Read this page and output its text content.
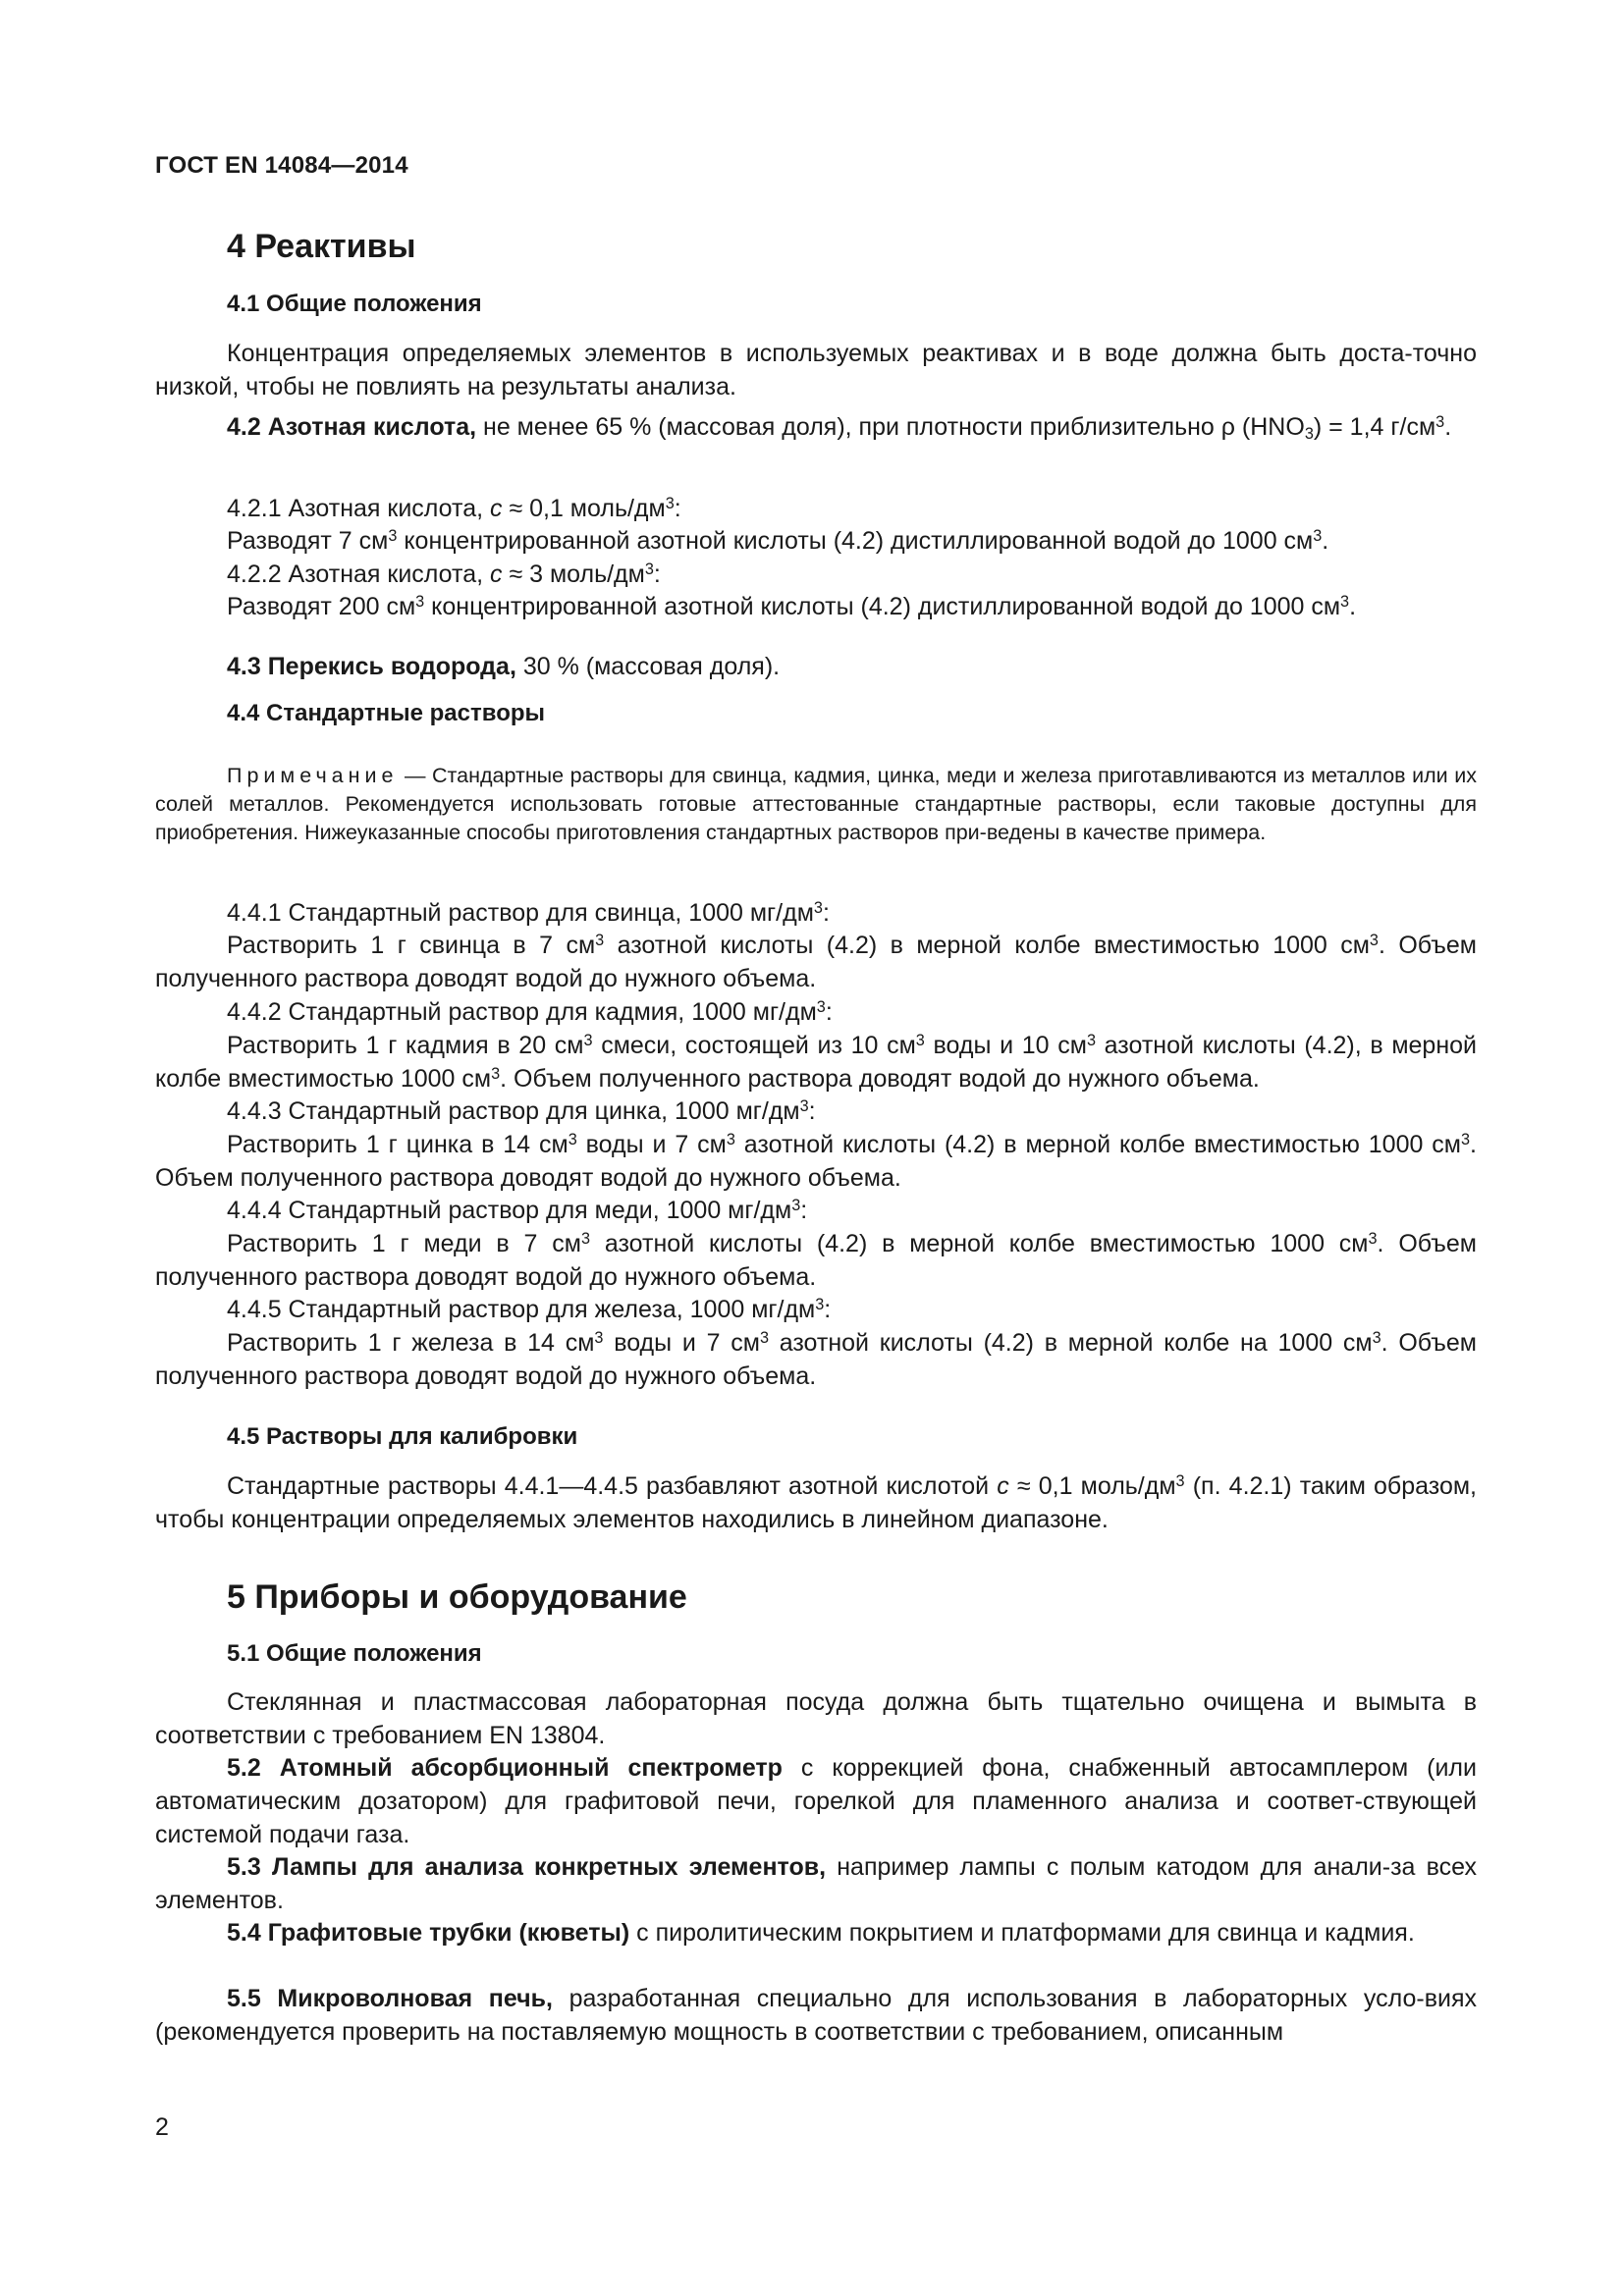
ГОСТ EN 14084—2014
4 Реактивы
4.1 Общие положения
Концентрация определяемых элементов в используемых реактивах и в воде должна быть доста-точно низкой, чтобы не повлиять на результаты анализа.
4.2 Азотная кислота, не менее 65 % (массовая доля), при плотности приблизительно ρ $(HNO_3) = 1,4$ $г/см^3$.
4.2.1 Азотная кислота, c ≈ 0,1 моль/$дм^3$:
Разводят 7 $см^3$ концентрированной азотной кислоты (4.2) дистиллированной водой до 1000 $см^3$.
4.2.2 Азотная кислота, c ≈ 3 моль/$дм^3$:
Разводят 200 $см^3$ концентрированной азотной кислоты (4.2) дистиллированной водой до 1000 $см^3$.
4.3 Перекись водорода, 30 % (массовая доля).
4.4 Стандартные растворы
Примечание — Стандартные растворы для свинца, кадмия, цинка, меди и железа приготавливаются из металлов или их солей металлов. Рекомендуется использовать готовые аттестованные стандартные растворы, если таковые доступны для приобретения. Нижеуказанные способы приготовления стандартных растворов при-ведены в качестве примера.
4.4.1 Стандартный раствор для свинца, 1000 $мг/дм^3$:
Растворить 1 г свинца в 7 $см^3$ азотной кислоты (4.2) в мерной колбе вместимостью 1000 $см^3$. Объем полученного раствора доводят водой до нужного объема.
4.4.2 Стандартный раствор для кадмия, 1000 $мг/дм^3$:
Растворить 1 г кадмия в 20 $см^3$ смеси, состоящей из 10 $см^3$ воды и 10 $см^3$ азотной кислоты (4.2), в мерной колбе вместимостью 1000 $см^3$. Объем полученного раствора доводят водой до нужного объема.
4.4.3 Стандартный раствор для цинка, 1000 $мг/дм^3$:
Растворить 1 г цинка в 14 $см^3$ воды и 7 $см^3$ азотной кислоты (4.2) в мерной колбе вместимостью 1000 $см^3$. Объем полученного раствора доводят водой до нужного объема.
4.4.4 Стандартный раствор для меди, 1000 $мг/дм^3$:
Растворить 1 г меди в 7 $см^3$ азотной кислоты (4.2) в мерной колбе вместимостью 1000 $см^3$. Объем полученного раствора доводят водой до нужного объема.
4.4.5 Стандартный раствор для железа, 1000 $мг/дм^3$:
Растворить 1 г железа в 14 $см^3$ воды и 7 $см^3$ азотной кислоты (4.2) в мерной колбе на 1000 $см^3$. Объем полученного раствора доводят водой до нужного объема.
4.5 Растворы для калибровки
Стандартные растворы 4.4.1—4.4.5 разбавляют азотной кислотой c ≈ 0,1 моль/$дм^3$ (п. 4.2.1) таким образом, чтобы концентрации определяемых элементов находились в линейном диапазоне.
5 Приборы и оборудование
5.1 Общие положения
Стеклянная и пластмассовая лабораторная посуда должна быть тщательно очищена и вымыта в соответствии с требованием EN 13804.
5.2 Атомный абсорбционный спектрометр с коррекцией фона, снабженный автосамплером (или автоматическим дозатором) для графитовой печи, горелкой для пламенного анализа и соответ-ствующей системой подачи газа.
5.3 Лампы для анализа конкретных элементов, например лампы с полым катодом для анали-за всех элементов.
5.4 Графитовые трубки (кюветы) с пиролитическим покрытием и платформами для свинца и кадмия.
5.5 Микроволновая печь, разработанная специально для использования в лабораторных усло-виях (рекомендуется проверить на поставляемую мощность в соответствии с требованием, описанным
2
